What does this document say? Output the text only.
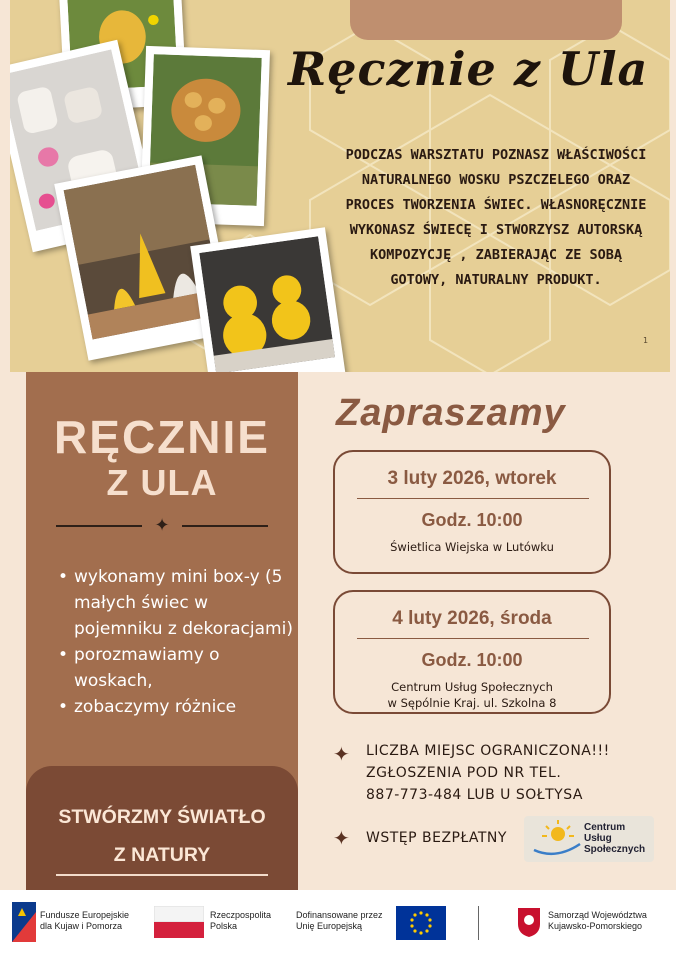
Ręcznie z Ula
PODCZAS WARSZTATU POZNASZ WŁAŚCIWOŚCI NATURALNEGO WOSKU PSZCZELEGO ORAZ PROCES TWORZENIA ŚWIEC. WŁASNORĘCZNIE WYKONASZ ŚWIECĘ I STWORZYSZ AUTORSKĄ KOMPOZYCJĘ , ZABIERAJĄC ZE SOBĄ GOTOWY, NATURALNY PRODUKT.
1
RĘCZNIE
Z ULA
✦
• wykonamy mini box-y (5 małych świec w pojemniku z dekoracjami)
• porozmawiamy o woskach,
• zobaczymy różnice
STWÓRZMY ŚWIATŁO
Z NATURY
Zapraszamy
3 luty 2026, wtorek
Godz. 10:00
Świetlica Wiejska w Lutówku
4 luty 2026, środa
Godz. 10:00
Centrum Usług Społecznych
w Sępólnie Kraj. ul. Szkolna 8
✦ LICZBA MIEJSC OGRANICZONA!!!
ZGŁOSZENIA POD NR TEL.
887-773-484 LUB U SOŁTYSA
✦ WSTĘP BEZPŁATNY
Centrum
Usług
Społecznych
Fundusze Europejskie
dla Kujaw i Pomorza
Rzeczpospolita
Polska
Dofinansowane przez
Unię Europejską
Samorząd Województwa
Kujawsko-Pomorskiego
